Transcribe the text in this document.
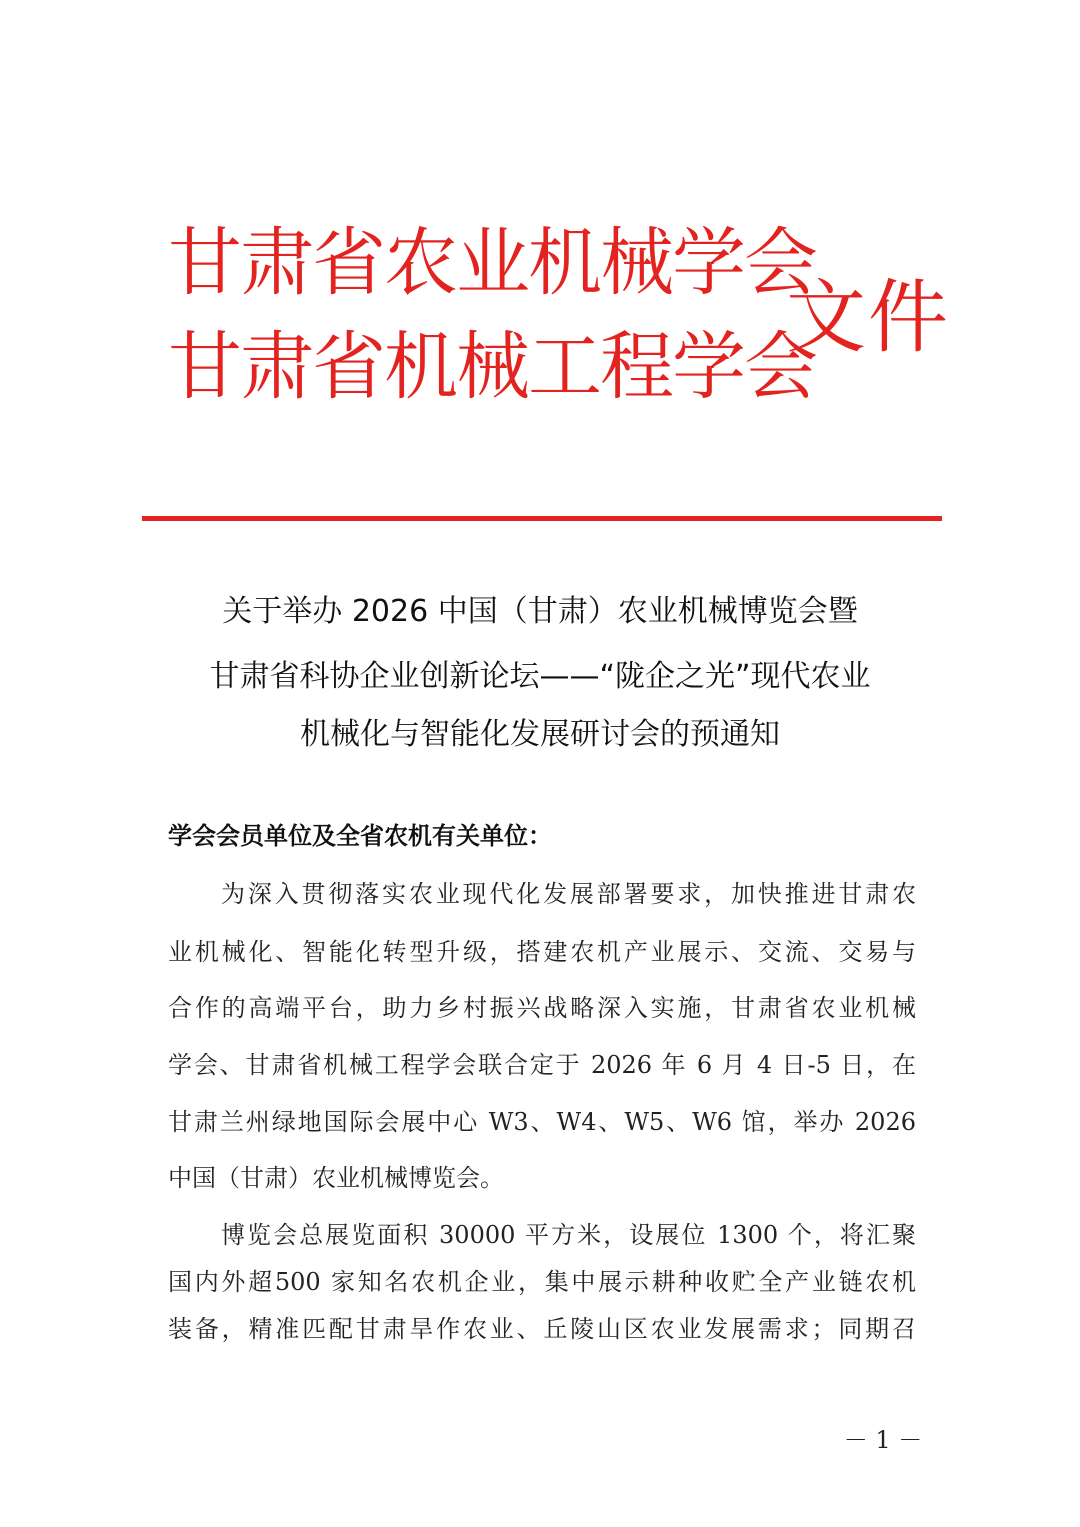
甘肃省农业机械学会
甘肃省机械工程学会
文件
关于举办 2026 中国（甘肃）农业机械博览会暨
甘肃省科协企业创新论坛——“陇企之光”现代农业
机械化与智能化发展研讨会的预通知
学会会员单位及全省农机有关单位：
为深入贯彻落实农业现代化发展部署要求，加快推进甘肃农
业机械化、智能化转型升级，搭建农机产业展示、交流、交易与
合作的高端平台，助力乡村振兴战略深入实施，甘肃省农业机械
学会、甘肃省机械工程学会联合定于 2026 年 6 月 4 日-5 日，在
甘肃兰州绿地国际会展中心 W3、W4、W5、W6 馆，举办 2026
中国（甘肃）农业机械博览会。
博览会总展览面积 30000 平方米，设展位 1300 个，将汇聚
国内外超500 家知名农机企业，集中展示耕种收贮全产业链农机
装备，精准匹配甘肃旱作农业、丘陵山区农业发展需求；同期召
－ 1 －
